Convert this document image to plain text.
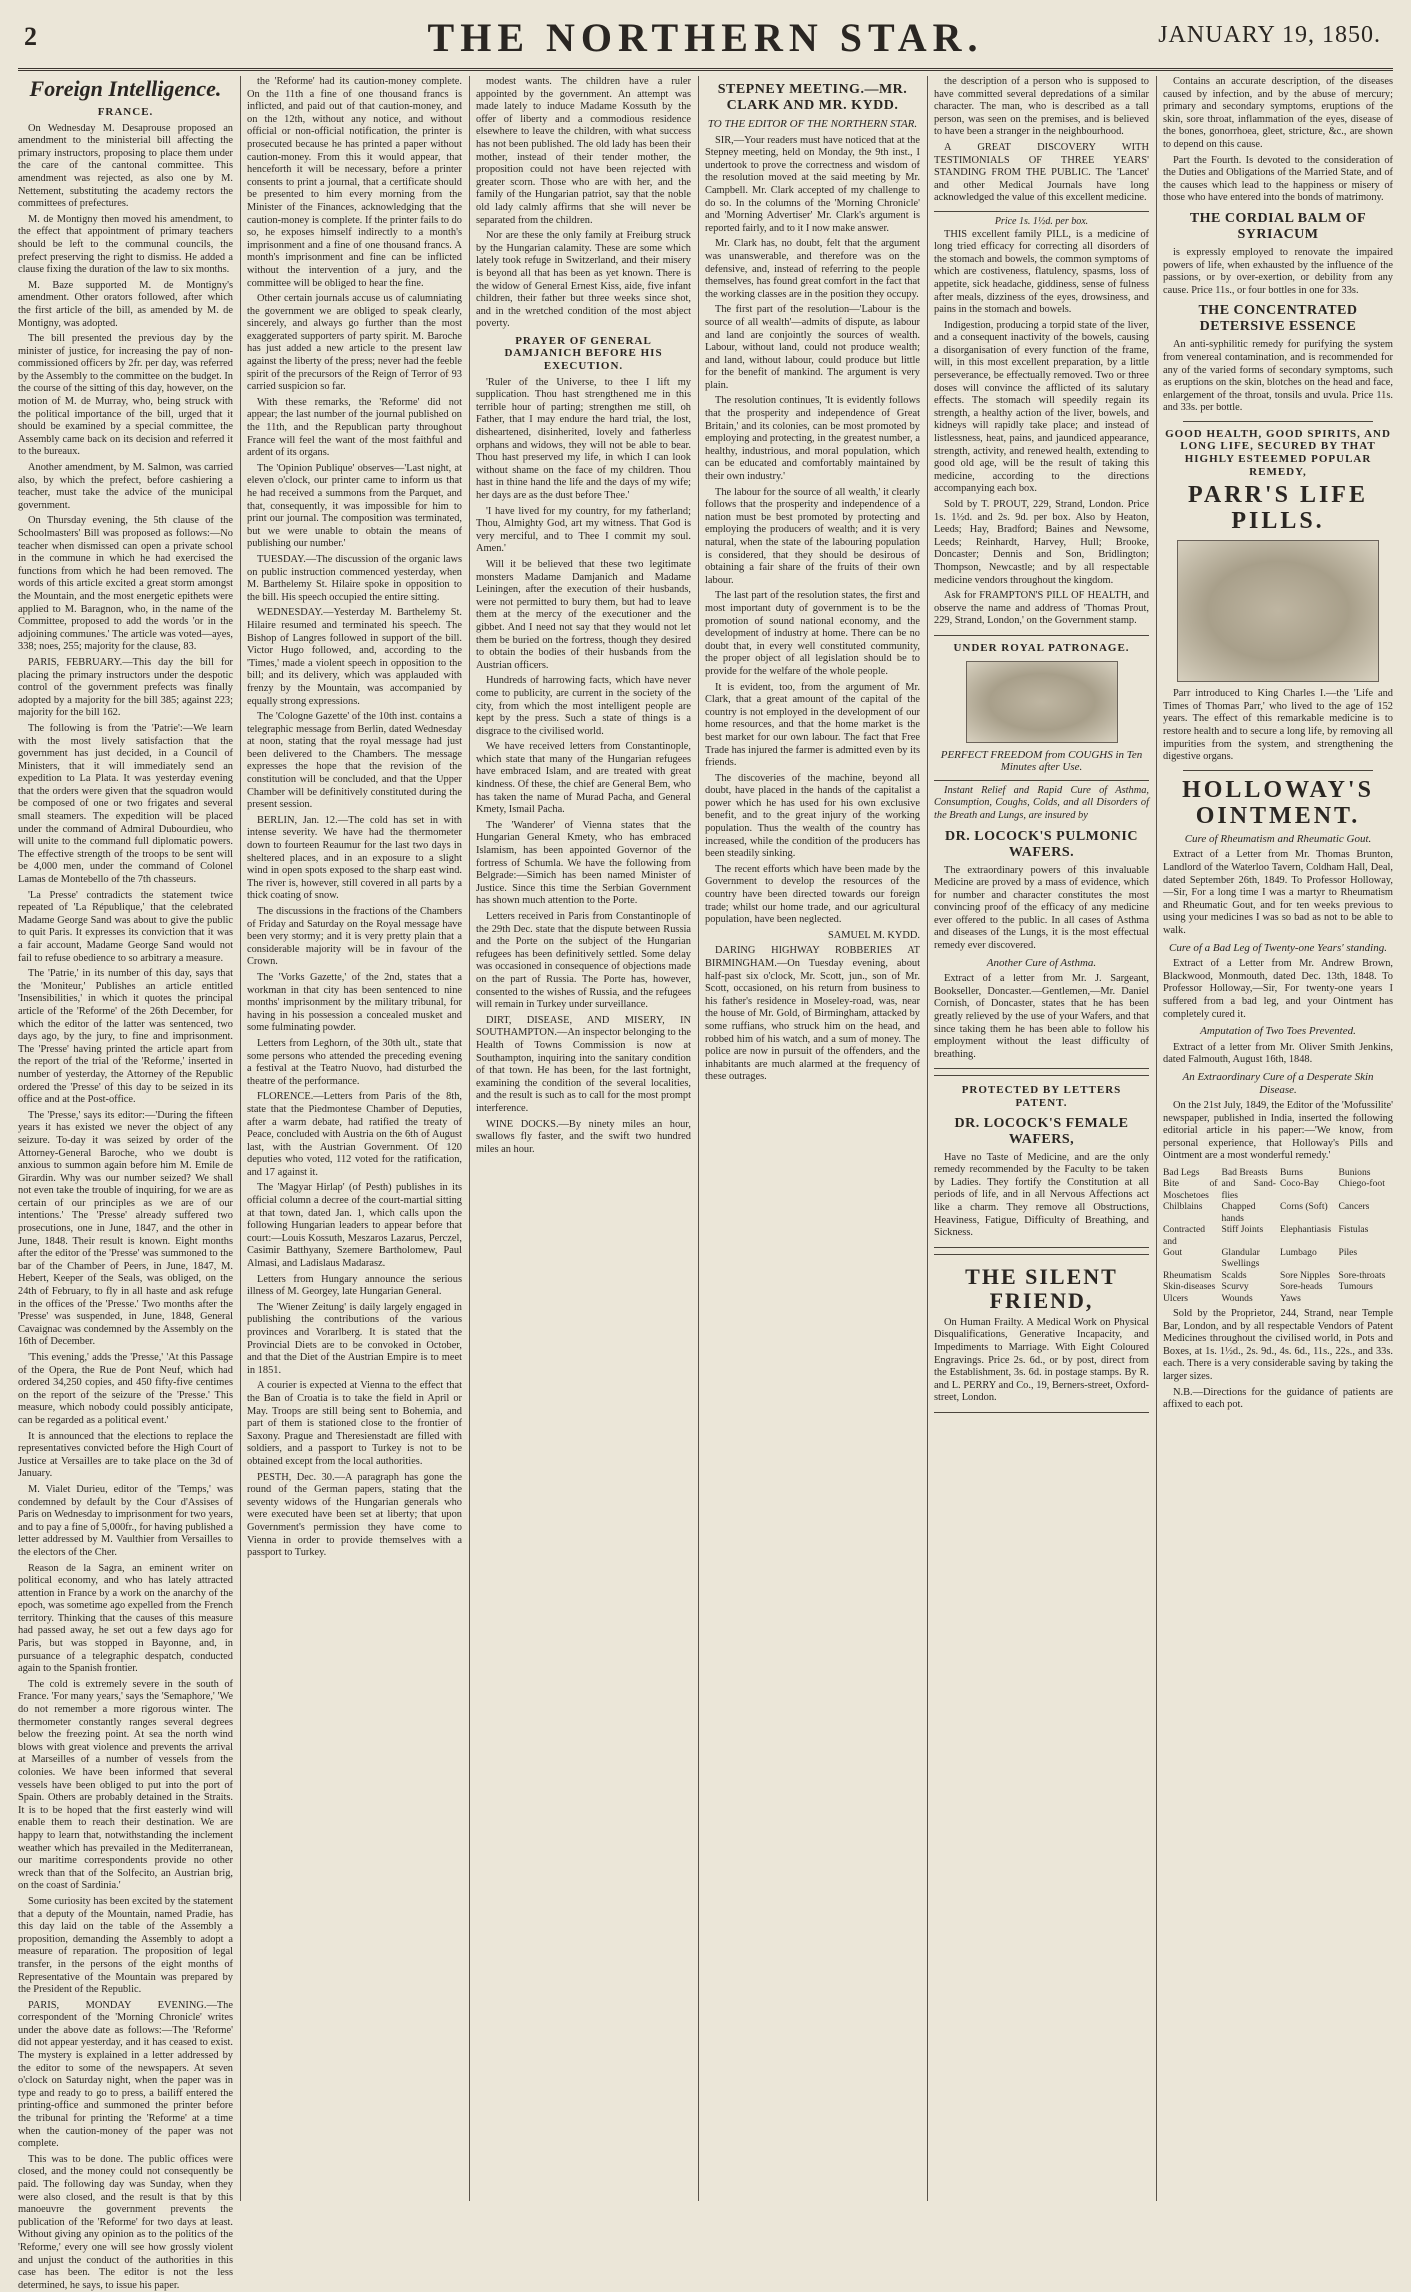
2	THE NORTHERN STAR.	JANUARY 19, 1850.
Foreign Intelligence.
FRANCE.

On Wednesday M. Desaprouse proposed an amendment to the ministerial bill affecting the primary instructors, proposing to place them under the care of the cantonal committee. This amendment was rejected, as also one by M. Nettement, substituting the academy rectors the committees of prefectures.

M. de Montigny then moved his amendment, to the effect that appointment of primary teachers should be left to the communal councils, the prefect preserving the right to dismiss. He added a clause fixing the duration of the law to six months.

M. Baze supported M. de Montigny's amendment. Other orators followed, after which the first article of the bill, as amended by M. de Montigny, was adopted.

The bill presented the previous day by the minister of justice, for increasing the pay of non-commissioned officers by 2fr. per day, was referred by the Assembly to the committee on the budget. In the course of the sitting of this day, however, on the motion of M. de Murray, who, being struck with the political importance of the bill, urged that it should be examined by a special committee, the Assembly came back on its decision and referred it to the bureaux.

Another amendment, by M. Salmon, was carried also, by which the prefect, before cashiering a teacher, must take the advice of the municipal government.

On Thursday evening, the 5th clause of the Schoolmasters' Bill was proposed as follows:—No teacher when dismissed can open a private school in the commune in which he had exercised the functions from which he had been removed. The words of this article excited a great storm amongst the Mountain, and the most energetic epithets were applied to M. Baragnon, who, in the name of the Committee, proposed to add the words 'or in the adjoining communes.' The article was voted—ayes, 338; noes, 255; majority for the clause, 83.

PARIS, FEBRUARY.—This day the bill for placing the primary instructors under the despotic control of the government prefects was finally adopted by a majority for the bill 385; against 223; majority for the bill 162.

The following is from the 'Patrie':—We learn with the most lively satisfaction that the government has just decided, in a Council of Ministers, that it will immediately send an expedition to La Plata. It was yesterday evening that the orders were given that the squadron would be composed of one or two frigates and several small steamers. The expedition will be placed under the command of Admiral Dubourdieu, who will unite to the command full diplomatic powers. The effective strength of the troops to be sent will be 4,000 men, under the command of Colonel Lamas de Montebello of the 7th chasseurs.

'La Presse' contradicts the statement twice repeated of 'La République,' that the celebrated Madame George Sand was about to give the public to quit Paris. It expresses its conviction that it was a fair account, Madame George Sand would not fail to refuse obedience to so arbitrary a measure.

The 'Patrie,' in its number of this day, says that the 'Moniteur,' Publishes an article entitled 'Insensibilities,' in which it quotes the principal article of the 'Reforme' of the 26th December, for which the editor of the latter was sentenced, two days ago, by the jury, to fine and imprisonment. The 'Presse' having printed the article apart from the report of the trial of the 'Reforme,' inserted in number of yesterday, the Attorney of the Republic ordered the 'Presse' of this day to be seized in its office and at the Post-office.

The 'Presse,' says its editor:—'During the fifteen years it has existed we never the object of any seizure. To-day it was seized by order of the Attorney-General Baroche, who we doubt is anxious to summon again before him M. Emile de Girardin. Why was our number seized? We shall not even take the trouble of inquiring, for we are as certain of our principles as we are of our intentions.' The 'Presse' already suffered two prosecutions, one in June, 1847, and the other in June, 1848. Their result is known. Eight months after the editor of the 'Presse' was summoned to the bar of the Chamber of Peers, in June, 1847, M. Hebert, Keeper of the Seals, was obliged, on the 24th of February, to fly in all haste and ask refuge in the offices of the 'Presse.' Two months after the 'Presse' was suspended, in June, 1848, General Cavaignac was condemned by the Assembly on the 16th of December.

'This evening,' adds the 'Presse,' 'At this Passage of the Opera, the Rue de Pont Neuf, which had ordered 34,250 copies, and 450 fifty-five centimes on the report of the seizure of the 'Presse.' This measure, which nobody could possibly anticipate, can be regarded as a political event.'

It is announced that the elections to replace the representatives convicted before the High Court of Justice at Versailles are to take place on the 3d of January.

M. Vialet Durieu, editor of the 'Temps,' was condemned by default by the Cour d'Assises of Paris on Wednesday to imprisonment for two years, and to pay a fine of 5,000fr., for having published a letter addressed by M. Vaulthier from Versailles to the electors of the Cher.

Reason de la Sagra, an eminent writer on political economy, and who has lately attracted attention in France by a work on the anarchy of the epoch, was sometime ago expelled from the French territory. Thinking that the causes of this measure had passed away, he set out a few days ago for Paris, but was stopped in Bayonne, and, in pursuance of a telegraphic despatch, conducted again to the Spanish frontier.

The cold is extremely severe in the south of France. 'For many years,' says the 'Semaphore,' 'We do not remember a more rigorous winter. The thermometer constantly ranges several degrees below the freezing point. At sea the north wind blows with great violence and prevents the arrival at Marseilles of a number of vessels from the colonies. We have been informed that several vessels have been obliged to put into the port of Spain. Others are probably detained in the Straits. It is to be hoped that the first easterly wind will enable them to reach their destination. We are happy to learn that, notwithstanding the inclement weather which has prevailed in the Mediterranean, our maritime correspondents provide no other wreck than that of the Solfecito, an Austrian brig, on the coast of Sardinia.'

Some curiosity has been excited by the statement that a deputy of the Mountain, named Pradie, has this day laid on the table of the Assembly a proposition, demanding the Assembly to adopt a measure of reparation. The proposition of legal transfer, in the persons of the eight months of Representative of the Mountain was prepared by the President of the Republic.

PARIS, MONDAY EVENING.—The correspondent of the 'Morning Chronicle' writes under the above date as follows:—The 'Reforme' did not appear yesterday, and it has ceased to exist. The mystery is explained in a letter addressed by the editor to some of the newspapers. At seven o'clock on Saturday night, when the paper was in type and ready to go to press, a bailiff entered the printing-office and summoned the printer before the tribunal for printing the 'Reforme' at a time when the caution-money of the paper was not complete.

This was to be done. The public offices were closed, and the money could not consequently be paid. The following day was Sunday, when they were also closed, and the result is that by this manoeuvre the government prevents the publication of the 'Reforme' for two days at least. Without giving any opinion as to the politics of the 'Reforme,' every one will see how grossly violent and unjust the conduct of the authorities in this case has been. The editor is not the less determined, he says, to issue his paper.

the 'Reforme' had its caution-money complete. On the 11th a fine of one thousand francs is inflicted, and paid out of that caution-money, and on the 12th, without any notice, and without official or non-official notification, the printer is prosecuted because he has printed a paper without caution-money. From this it would appear, that henceforth it will be necessary, before a printer consents to print a journal, that a certificate should be presented to him every morning from the Minister of the Finances, acknowledging that the caution-money is complete. If the printer fails to do so, he exposes himself indirectly to a month's imprisonment and a fine of one thousand francs. A month's imprisonment and fine can be inflicted without the intervention of a jury, and the committee will be obliged to hear the fine.

Other certain journals accuse us of calumniating the government we are obliged to speak clearly, sincerely, and always go further than the most exaggerated supporters of party spirit. M. Baroche has just added a new article to the present law against the liberty of the press; never had the feeble spirit of the precursors of the Reign of Terror of 93 carried suspicion so far.

With these remarks, the 'Reforme' did not appear; the last number of the journal published on the 11th, and the Republican party throughout France will feel the want of the most faithful and ardent of its organs.

The 'Opinion Publique' observes—'Last night, at eleven o'clock, our printer came to inform us that he had received a summons from the Parquet, and that, consequently, it was impossible for him to print our journal. The composition was terminated, but we were unable to obtain the means of publishing our number.'

TUESDAY.—The discussion of the organic laws on public instruction commenced yesterday, when M. Barthelemy St. Hilaire spoke in opposition to the bill. His speech occupied the entire sitting.

WEDNESDAY.—Yesterday M. Barthelemy St. Hilaire resumed and terminated his speech. The Bishop of Langres followed in support of the bill. Victor Hugo followed, and, according to the 'Times,' made a violent speech in opposition to the bill; and its delivery, which was applauded with frenzy by the Mountain, was accompanied by equally strong expressions.

The 'Cologne Gazette' of the 10th inst. contains a telegraphic message from Berlin, dated Wednesday at noon, stating that the royal message had just been delivered to the Chambers. The message expresses the hope that the revision of the constitution will be concluded, and that the Upper Chamber will be definitively constituted during the present session.

BERLIN, Jan. 12.—The cold has set in with intense severity. We have had the thermometer down to fourteen Reaumur for the last two days in sheltered places, and in an exposure to a slight wind in open spots exposed to the sharp east wind. The river is, however, still covered in all parts by a thick coating of snow.

The discussions in the fractions of the Chambers of Friday and Saturday on the Royal message have been very stormy; and it is very pretty plain that a considerable majority will be in favour of the Crown.

The 'Vorks Gazette,' of the 2nd, states that a workman in that city has been sentenced to nine months' imprisonment by the military tribunal, for having in his possession a concealed musket and some fulminating powder.

Letters from Leghorn, of the 30th ult., state that some persons who attended the preceding evening a festival at the Teatro Nuovo, had disturbed the theatre of the performance.

FLORENCE.—Letters from Paris of the 8th, state that the Piedmontese Chamber of Deputies, after a warm debate, had ratified the treaty of Peace, concluded with Austria on the 6th of August last, with the Austrian Government. Of 120 deputies who voted, 112 voted for the ratification, and 17 against it.

The 'Magyar Hirlap' (of Pesth) publishes in its official column a decree of the court-martial sitting at that town, dated Jan. 1, which calls upon the following Hungarian leaders to appear before that court:—Louis Kossuth, Meszaros Lazarus, Perczel, Casimir Batthyany, Szemere Bartholomew, Paul Almasi, and Ladislaus Madarasz.

Letters from Hungary announce the serious illness of M. Georgey, late Hungarian General.

The 'Wiener Zeitung' is daily largely engaged in publishing the contributions of the various provinces and Vorarlberg. It is stated that the Provincial Diets are to be convoked in October, and that the Diet of the Austrian Empire is to meet in 1851.

A courier is expected at Vienna to the effect that the Ban of Croatia is to take the field in April or May. Troops are still being sent to Bohemia, and part of them is stationed close to the frontier of Saxony. Prague and Theresienstadt are filled with soldiers, and a passport to Turkey is not to be obtained except from the local authorities.

PESTH, Dec. 30.—A paragraph has gone the round of the German papers, stating that the seventy widows of the Hungarian generals who were executed have been set at liberty; that upon Government's permission they have come to Vienna in order to provide themselves with a passport to Turkey.

modest wants. The children have a ruler appointed by the government. An attempt was made lately to induce Madame Kossuth by the offer of liberty and a commodious residence elsewhere to leave the children, with what success has not been published. The old lady has been their mother, instead of their tender mother, the proposition could not have been rejected with greater scorn. Those who are with her, and the family of the Hungarian patriot, say that the noble old lady calmly affirms that she will never be separated from the children.

Nor are these the only family at Freiburg struck by the Hungarian calamity. These are some which lately took refuge in Switzerland, and their misery is beyond all that has been as yet known. There is the widow of General Ernest Kiss, aide, five infant children, their father but three weeks since shot, and in the wretched condition of the most abject poverty.

PRAYER OF GENERAL DAMJANICH BEFORE HIS EXECUTION.

'Ruler of the Universe, to thee I lift my supplication. Thou hast strengthened me in this terrible hour of parting; strengthen me still, oh Father, that I may endure the hard trial, the lost, disheartened, disinherited, lovely and fatherless orphans and widows, they will not be able to bear. Thou hast preserved my life, in which I can look without shame on the face of my children. Thou hast in thine hand the life and the days of my wife; her days are as the dust before Thee.'

'I have lived for my country, for my fatherland; Thou, Almighty God, art my witness. That God is very merciful, and to Thee I commit my soul. Amen.'

Will it be believed that these two legitimate monsters Madame Damjanich and Madame Leiningen, after the execution of their husbands, were not permitted to bury them, but had to leave them at the mercy of the executioner and the gibbet. And I need not say that they would not let them be buried on the fortress, though they desired to obtain the bodies of their husbands from the Austrian officers.

Hundreds of harrowing facts, which have never come to publicity, are current in the society of the city, from which the most intelligent people are kept by the press. Such a state of things is a disgrace to the civilised world.

We have received letters from Constantinople, which state that many of the Hungarian refugees have embraced Islam, and are treated with great kindness. Of these, the chief are General Bem, who has taken the name of Murad Pacha, and General Kmety, Ismail Pacha.

The 'Wanderer' of Vienna states that the Hungarian General Kmety, who has embraced Islamism, has been appointed Governor of the fortress of Schumla. We have the following from Belgrade:—Simich has been named Minister of Justice. Since this time the Serbian Government has shown much attention to the Porte.

Letters received in Paris from Constantinople of the 29th Dec. state that the dispute between Russia and the Porte on the subject of the Hungarian refugees has been definitively settled. Some delay was occasioned in consequence of objections made on the part of Russia. The Porte has, however, consented to the wishes of Russia, and the refugees will remain in Turkey under surveillance.

DIRT, DISEASE, AND MISERY, IN SOUTHAMPTON.—An inspector belonging to the Health of Towns Commission is now at Southampton, inquiring into the sanitary condition of that town. He has been, for the last fortnight, examining the condition of the several localities, and the result is such as to call for the most prompt interference.

WINE DOCKS.—By ninety miles an hour, swallows fly faster, and the swift two hundred miles an hour.

STEPNEY MEETING.—MR. CLARK AND MR. KYDD.
TO THE EDITOR OF THE NORTHERN STAR.

SIR,—Your readers must have noticed that at the Stepney meeting, held on Monday, the 9th inst., I undertook to prove the correctness and wisdom of the resolution moved at the said meeting by Mr. Campbell. Mr. Clark accepted of my challenge to do so. In the columns of the 'Morning Chronicle' and 'Morning Advertiser' Mr. Clark's argument is reported fairly, and to it I now make answer.

Mr. Clark has, no doubt, felt that the argument was unanswerable, and therefore was on the defensive, and, instead of referring to the people themselves, has found great comfort in the fact that the working classes are in the position they occupy.

The first part of the resolution—'Labour is the source of all wealth'—admits of dispute, as labour and land are conjointly the sources of wealth. Labour, without land, could not produce wealth; and land, without labour, could produce but little for the benefit of mankind. The argument is very plain.

The resolution continues, 'It is evidently follows that the prosperity and independence of Great Britain,' and its colonies, can be most promoted by employing and protecting, in the greatest number, a healthy, industrious, and moral population, which can be educated and comfortably maintained by their own industry.'

The labour for the source of all wealth,' it clearly follows that the prosperity and independence of a nation must be best promoted by protecting and employing the producers of wealth; and it is very natural, when the state of the labouring population is considered, that they should be desirous of obtaining a fair share of the fruits of their own labour.

The last part of the resolution states, the first and most important duty of government is to be the promotion of sound national economy, and the development of industry at home. There can be no doubt that, in every well constituted community, the proper object of all legislation should be to provide for the welfare of the whole people.

It is evident, too, from the argument of Mr. Clark, that a great amount of the capital of the country is not employed in the development of our home resources, and that the home market is the best market for our own labour. The fact that Free Trade has injured the farmer is admitted even by its friends.

The discoveries of the machine, beyond all doubt, have placed in the hands of the capitalist a power which he has used for his own exclusive benefit, and to the great injury of the working population. Thus the wealth of the country has increased, while the condition of the producers has been steadily sinking.

The recent efforts which have been made by the Government to develop the resources of the country have been directed towards our foreign trade; whilst our home trade, and our agricultural population, have been neglected.

SAMUEL M. KYDD.

DARING HIGHWAY ROBBERIES AT BIRMINGHAM.—On Tuesday evening, about half-past six o'clock, Mr. Scott, jun., son of Mr. Scott, occasioned, on his return from business to his father's residence in Moseley-road, was, near the house of Mr. Gold, of Birmingham, attacked by some ruffians, who struck him on the head, and robbed him of his watch, and a sum of money. The police are now in pursuit of the offenders, and the inhabitants are much alarmed at the frequency of these outrages.

the description of a person who is supposed to have committed several depredations of a similar character. The man, who is described as a tall person, was seen on the premises, and is believed to have been a stranger in the neighbourhood.

A GREAT DISCOVERY WITH TESTIMONIALS OF THREE YEARS' STANDING FROM THE PUBLIC. The 'Lancet' and other Medical Journals have long acknowledged the value of this excellent medicine.

Price 1s. 1½d. per box.

THIS excellent family PILL, is a medicine of long tried efficacy for correcting all disorders of the stomach and bowels, the common symptoms of which are costiveness, flatulency, spasms, loss of appetite, sick headache, giddiness, sense of fulness after meals, dizziness of the eyes, drowsiness, and pains in the stomach and bowels.

Indigestion, producing a torpid state of the liver, and a consequent inactivity of the bowels, causing a disorganisation of every function of the frame, will, in this most excellent preparation, by a little perseverance, be effectually removed. Two or three doses will convince the afflicted of its salutary effects. The stomach will speedily regain its strength, a healthy action of the liver, bowels, and kidneys will rapidly take place; and instead of listlessness, heat, pains, and jaundiced appearance, strength, activity, and renewed health, extending to good old age, will be the result of taking this medicine, according to the directions accompanying each box.

Sold by T. PROUT, 229, Strand, London. Price 1s. 1½d. and 2s. 9d. per box. Also by Heaton, Leeds; Hay, Bradford; Baines and Newsome, Leeds; Reinhardt, Harvey, Hull; Brooke, Doncaster; Dennis and Son, Bridlington; Thompson, Newcastle; and by all respectable medicine vendors throughout the kingdom.

Ask for FRAMPTON'S PILL OF HEALTH, and observe the name and address of 'Thomas Prout, 229, Strand, London,' on the Government stamp.

UNDER ROYAL PATRONAGE.
PERFECT FREEDOM from COUGHS in Ten Minutes after Use.

Instant Relief and Rapid Cure of Asthma, Consumption, Coughs, Colds, and all Disorders of the Breath and Lungs, are insured by

DR. LOCOCK'S PULMONIC WAFERS.

The extraordinary powers of this invaluable Medicine are proved by a mass of evidence, which for number and character constitutes the most convincing proof of the efficacy of any medicine ever offered to the public. In all cases of Asthma and diseases of the Lungs, it is the most effectual remedy ever discovered.

Another Cure of Asthma.

Extract of a letter from Mr. J. Sargeant, Bookseller, Doncaster.—Gentlemen,—Mr. Daniel Cornish, of Doncaster, states that he has been greatly relieved by the use of your Wafers, and that since taking them he has been able to follow his employment without the least difficulty of breathing.

PROTECTED BY LETTERS PATENT.
DR. LOCOCK'S FEMALE WAFERS,

Have no Taste of Medicine, and are the only remedy recommended by the Faculty to be taken by Ladies. They fortify the Constitution at all periods of life, and in all Nervous Affections act like a charm. They remove all Obstructions, Heaviness, Fatigue, Difficulty of Breathing, and Sickness.

THE SILENT FRIEND,

On Human Frailty. A Medical Work on Physical Disqualifications, Generative Incapacity, and Impediments to Marriage. With Eight Coloured Engravings. Price 2s. 6d., or by post, direct from the Establishment, 3s. 6d. in postage stamps. By R. and L. PERRY and Co., 19, Berners-street, Oxford-street, London.

Contains an accurate description, of the diseases caused by infection, and by the abuse of mercury; primary and secondary symptoms, eruptions of the skin, sore throat, inflammation of the eyes, disease of the bones, gonorrhoea, gleet, stricture, &c., are shown to depend on this cause.

Part the Fourth. Is devoted to the consideration of the Duties and Obligations of the Married State, and of the causes which lead to the happiness or misery of those who have entered into the bonds of matrimony.

THE CORDIAL BALM OF SYRIACUM

is expressly employed to renovate the impaired powers of life, when exhausted by the influence of the passions, or by over-exertion, or debility from any cause. Price 11s., or four bottles in one for 33s.

THE CONCENTRATED DETERSIVE ESSENCE

An anti-syphilitic remedy for purifying the system from venereal contamination, and is recommended for any of the varied forms of secondary symptoms, such as eruptions on the skin, blotches on the head and face, enlargement of the throat, tonsils and uvula. Price 11s. and 33s. per bottle.

GOOD HEALTH, GOOD SPIRITS, AND LONG LIFE, SECURED BY THAT HIGHLY ESTEEMED POPULAR REMEDY,
PARR'S LIFE PILLS.

Parr introduced to King Charles I.—the 'Life and Times of Thomas Parr,' who lived to the age of 152 years. The effect of this remarkable medicine is to restore health and to secure a long life, by removing all impurities from the system, and strengthening the digestive organs.

HOLLOWAY'S OINTMENT.
Cure of Rheumatism and Rheumatic Gout.

Extract of a Letter from Mr. Thomas Brunton, Landlord of the Waterloo Tavern, Coldham Hall, Deal, dated September 26th, 1849. To Professor Holloway,—Sir, For a long time I was a martyr to Rheumatism and Rheumatic Gout, and for ten weeks previous to using your medicines I was so bad as not to be able to walk.

Cure of a Bad Leg of Twenty-one Years' standing.

Extract of a Letter from Mr. Andrew Brown, Blackwood, Monmouth, dated Dec. 13th, 1848. To Professor Holloway,—Sir, For twenty-one years I suffered from a bad leg, and your Ointment has completely cured it.

Amputation of Two Toes Prevented.

Extract of a letter from Mr. Oliver Smith Jenkins, dated Falmouth, August 16th, 1848.

An Extraordinary Cure of a Desperate Skin Disease.

On the 21st July, 1849, the Editor of the 'Mofussilite' newspaper, published in India, inserted the following editorial article in his paper:—'We know, from personal experience, that Holloway's Pills and Ointment are a most wonderful remedy.'

Bad Legs	Bad Breasts	Burns	Bunions
Bite of Moschetoes
and Sand-flies
Coco-Bay	Chiego-foot
Chilblains	Chapped hands
Corns (Soft)	Cancers
Contracted and
Stiff Joints	Elephantiasis Fistulas
Gout	Glandular Swellings
Lumbago	Piles
Rheumatism	Scalds	Sore Nipples Sore-throats
Skin-diseases Scurvy	Sore-heads	Tumours
Ulcers	Wounds	Yaws

Sold by the Proprietor, 244, Strand, near Temple Bar, London, and by all respectable Vendors of Patent Medicines throughout the civilised world, in Pots and Boxes, at 1s. 1½d., 2s. 9d., 4s. 6d., 11s., 22s., and 33s. each. There is a very considerable saving by taking the larger sizes.

N.B.—Directions for the guidance of patients are affixed to each pot.
